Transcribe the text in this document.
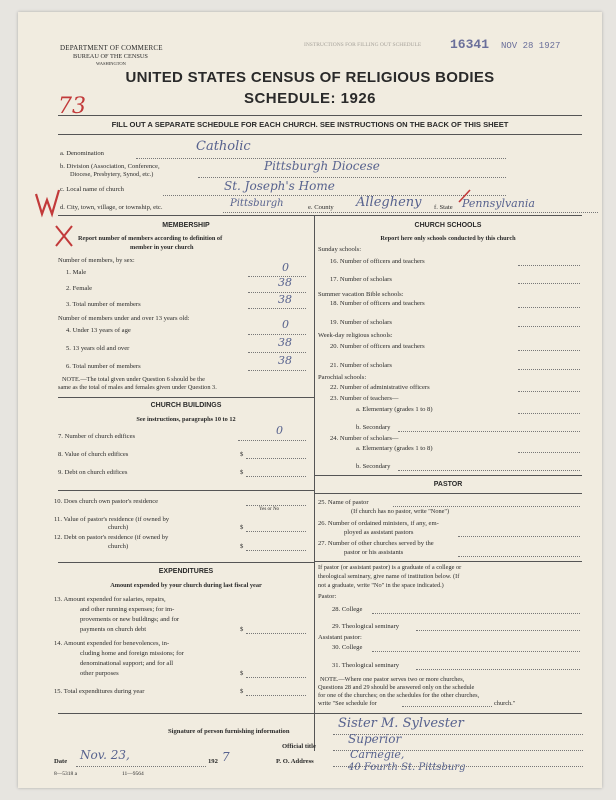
DEPARTMENT OF COMMERCE
BUREAU OF THE CENSUS
WASHINGTON
INSTRUCTIONS FOR FILLING OUT SCHEDULE 16341 NOV 28 1927
UNITED STATES CENSUS OF RELIGIOUS BODIES
SCHEDULE: 1926
73
FILL OUT A SEPARATE SCHEDULE FOR EACH CHURCH. SEE INSTRUCTIONS ON THE BACK OF THIS SHEET
a. Denomination	Catholic
b. Division (Association, Conference,
Diocese, Presbytery, Synod, etc.)
Pittsburgh Diocese
c. Local name of church	St. Joseph's Home
d. City, town, village, or township, etc.	Pittsburgh	e. County Allegheny f. State Pennsylvania
MEMBERSHIP
Report number of members according to definition of
member in your church
Number of members, by sex:
1. Male	0
2. Female	38
3. Total number of members	38
Number of members under and over 13 years old:
4. Under 13 years of age	0
5. 13 years old and over	38
6. Total number of members	38
NOTE.—The total given under Question 6 should be the
same as the total of males and females given under Question 3.
CHURCH BUILDINGS
See instructions, paragraphs 10 to 12
7. Number of church edifices	0
8. Value of church edifices	$
9. Debt on church edifices	$
10. Does church own pastor's residence
Yes or No
11. Value of pastor's residence (if owned by
church)	$
12. Debt on pastor's residence (if owned by
church)	$
EXPENDITURES
Amount expended by your church during last fiscal year
13. Amount expended for salaries, repairs,
and other running expenses; for im-
provements or new buildings; and for
payments on church debt	$
14. Amount expended for benevolences, in-
cluding home and foreign missions; for
denominational support; and for all
other purposes	$
15. Total expenditures during year	$
CHURCH SCHOOLS
Report here only schools conducted by this church
Sunday schools:
16. Number of officers and teachers
17. Number of scholars
Summer vacation Bible schools:
18. Number of officers and teachers
19. Number of scholars
Week-day religious schools:
20. Number of officers and teachers
21. Number of scholars
Parochial schools:
22. Number of administrative officers
23. Number of teachers—
a. Elementary (grades 1 to 8)
b. Secondary
24. Number of scholars—
a. Elementary (grades 1 to 8)
b. Secondary
PASTOR
25. Name of pastor
(If church has no pastor, write "None")
26. Number of ordained ministers, if any, em-
ployed as assistant pastors
27. Number of other churches served by the
pastor or his assistants
If pastor (or assistant pastor) is a graduate of a college or
theological seminary, give name of institution below. (If
not a graduate, write "No" in the space indicated.)
Pastor:
28. College
29. Theological seminary
Assistant pastor:
30. College
31. Theological seminary
NOTE.—Where one pastor serves two or more churches,
Questions 28 and 29 should be answered only on the schedule
for one of the churches; on the schedules for the other churches,
write "See schedule for	church."
Signature of person furnishing information
Sister M. Sylvester
Official title
Superior
Date Nov. 23,	192 7	P. O. Address
Carnegie,
40 Fourth St. Pittsburg
8—5318 a	11—9564
